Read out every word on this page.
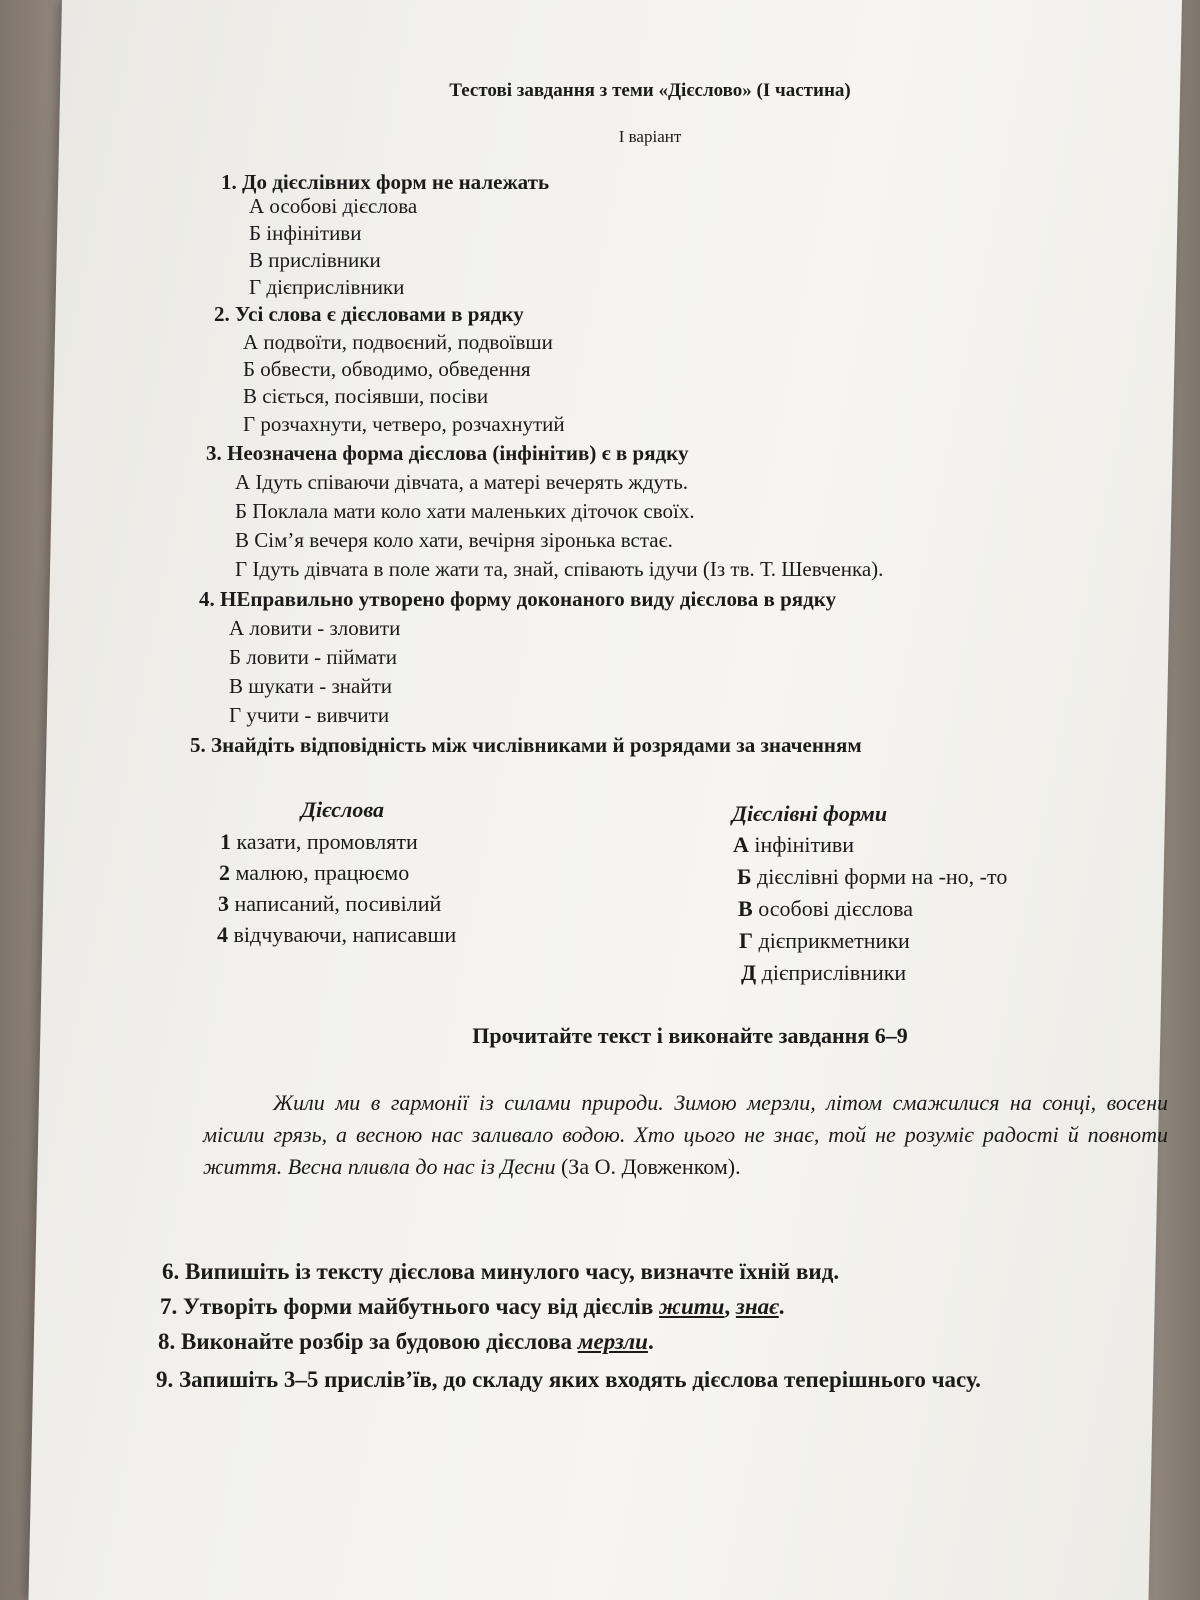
Тестові завдання з теми «Дієслово» (І частина)
І варіант
1. До дієслівних форм не належать
А особові дієслова
Б інфінітиви
В прислівники
Г дієприслівники
2. Усі слова є дієсловами в рядку
А подвоїти, подвоєний, подвоївши
Б обвести, обводимо, обведення
В сіється, посіявши, посіви
Г розчахнути, четверо, розчахнутий
3. Неозначена форма дієслова (інфінітив) є в рядку
А Ідуть співаючи дівчата, а матері вечерять ждуть.
Б Поклала мати коло хати маленьких діточок своїх.
В Сім’я вечеря коло хати, вечірня зіронька встає.
Г Ідуть дівчата в поле жати та, знай, співають ідучи (Із тв. Т. Шевченка).
4. НЕправильно утворено форму доконаного виду дієслова в рядку
А ловити - зловити
Б ловити - піймати
В шукати - знайти
Г учити - вивчити
5. Знайдіть відповідність між числівниками й розрядами за значенням
Дієслова	Дієслівні форми
1 казати, промовляти
2 малюю, працюємо
3 написаний, посивілий
4 відчуваючи, написавши
А інфінітиви
Б дієслівні форми на -но, -то
В особові дієслова
Г дієприкметники
Д дієприслівники
Прочитайте текст і виконайте завдання 6–9
Жили ми в гармонії із силами природи. Зимою мерзли, літом смажилися на сонці, восени місили грязь, а весною нас заливало водою. Хто цього не знає, той не розуміє радості й повноти життя. Весна пливла до нас із Десни (За О. Довженком).
6. Випишіть із тексту дієслова минулого часу, визначте їхній вид.
7. Утворіть форми майбутнього часу від дієслів жити, знає.
8. Виконайте розбір за будовою дієслова мерзли.
9. Запишіть 3–5 прислів’їв, до складу яких входять дієслова теперішнього часу.
